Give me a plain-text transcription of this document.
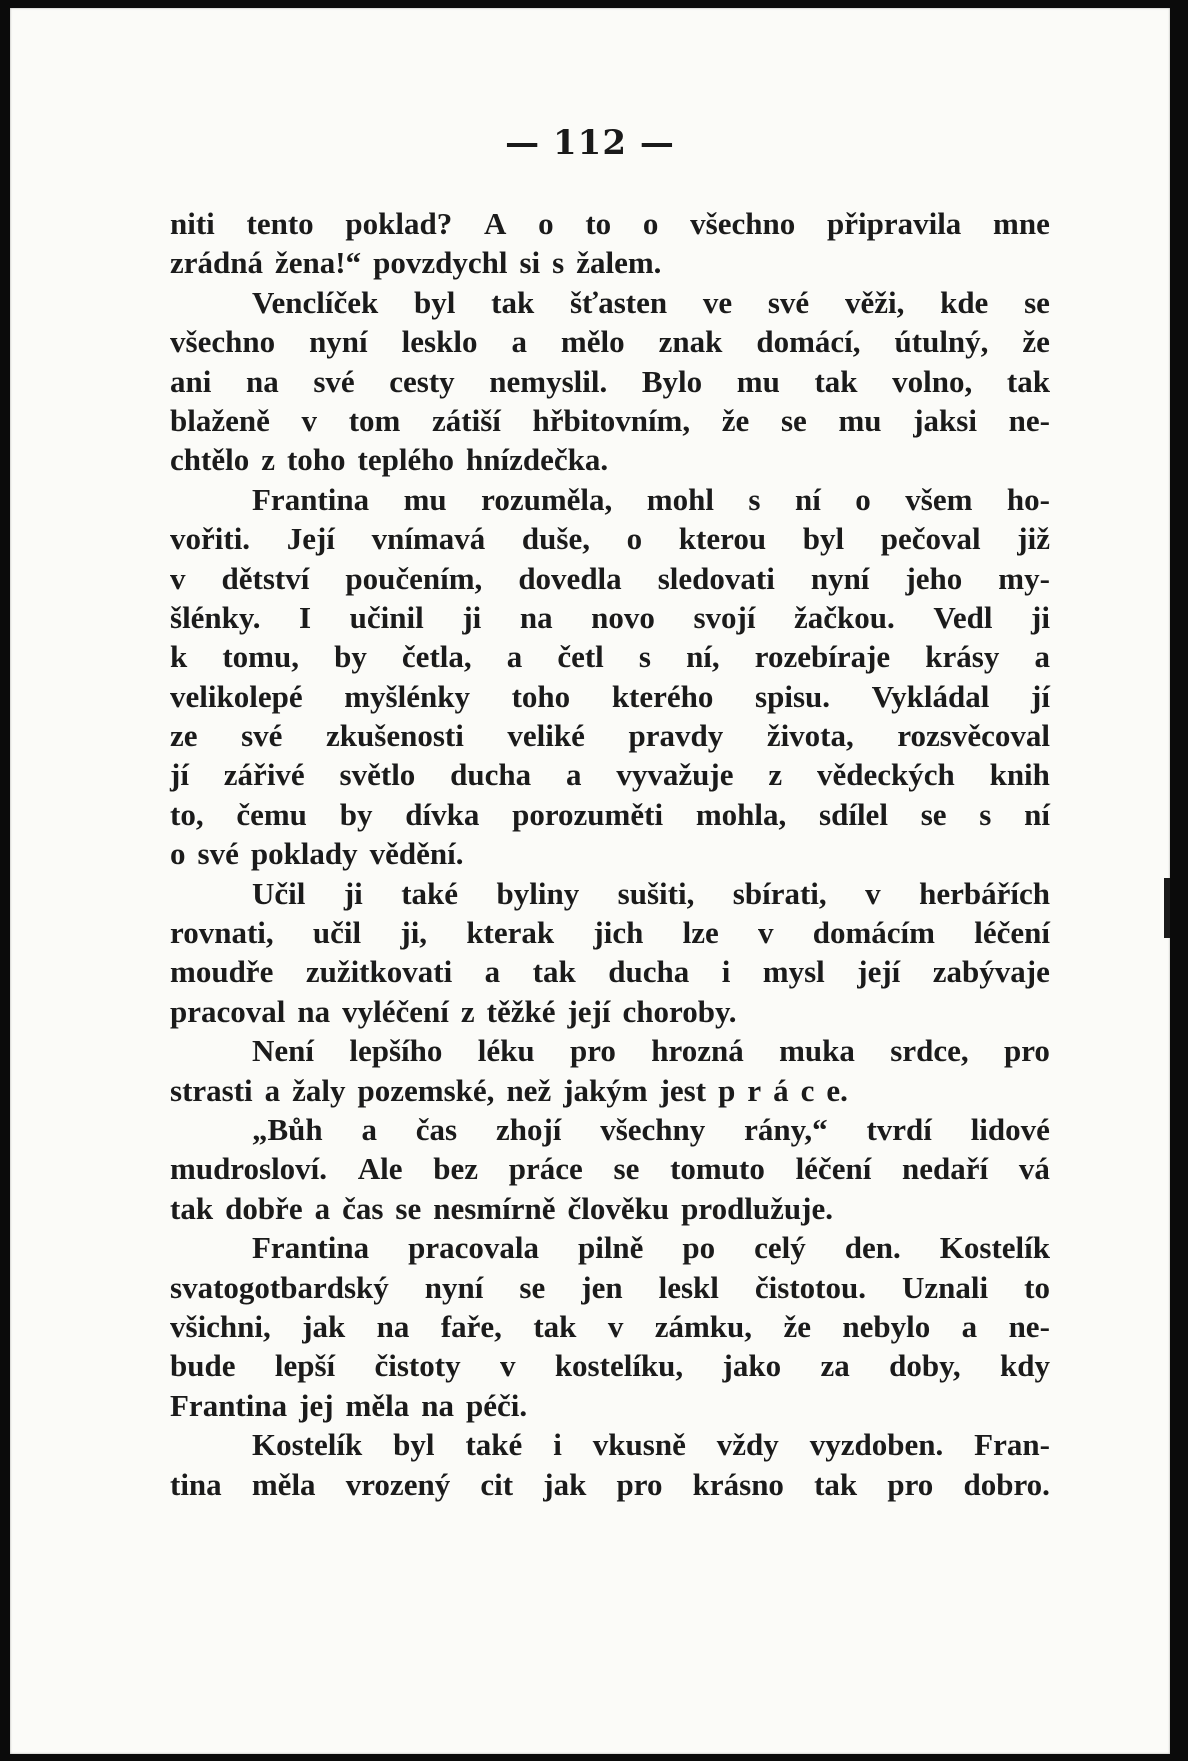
— 112 —
niti tento poklad? A o to o všechno připravila mne
zrádná žena!“ povzdychl si s žalem.
Venclíček byl tak šťasten ve své věži, kde se
všechno nyní lesklo a mělo znak domácí, útulný, že
ani na své cesty nemyslil. Bylo mu tak volno, tak
blaženě v tom zátiší hřbitovním, že se mu jaksi ne-
chtělo z toho teplého hnízdečka.
Frantina mu rozuměla, mohl s ní o všem ho-
vořiti. Její vnímavá duše, o kterou byl pečoval již
v dětství poučením, dovedla sledovati nyní jeho my-
šlénky. I učinil ji na novo svojí žačkou. Vedl ji
k tomu, by četla, a četl s ní, rozebíraje krásy a
velikolepé myšlénky toho kterého spisu. Vykládal jí
ze své zkušenosti veliké pravdy života, rozsvěcoval
jí zářivé světlo ducha a vyvažuje z vědeckých knih
to, čemu by dívka porozuměti mohla, sdílel se s ní
o své poklady vědění.
Učil ji také byliny sušiti, sbírati, v herbářích
rovnati, učil ji, kterak jich lze v domácím léčení
moudře zužitkovati a tak ducha i mysl její zabývaje
pracoval na vyléčení z těžké její choroby.
Není lepšího léku pro hrozná muka srdce, pro
strasti a žaly pozemské, než jakým jest p r á c e.
„Bůh a čas zhojí všechny rány,“ tvrdí lidové
mudrosloví. Ale bez práce se tomuto léčení nedaří vá
tak dobře a čas se nesmírně člověku prodlužuje.
Frantina pracovala pilně po celý den. Kostelík
svatogotbardský nyní se jen leskl čistotou. Uznali to
všichni, jak na faře, tak v zámku, že nebylo a ne-
bude lepší čistoty v kostelíku, jako za doby, kdy
Frantina jej měla na péči.
Kostelík byl také i vkusně vždy vyzdoben. Fran-
tina měla vrozený cit jak pro krásno tak pro dobro.
